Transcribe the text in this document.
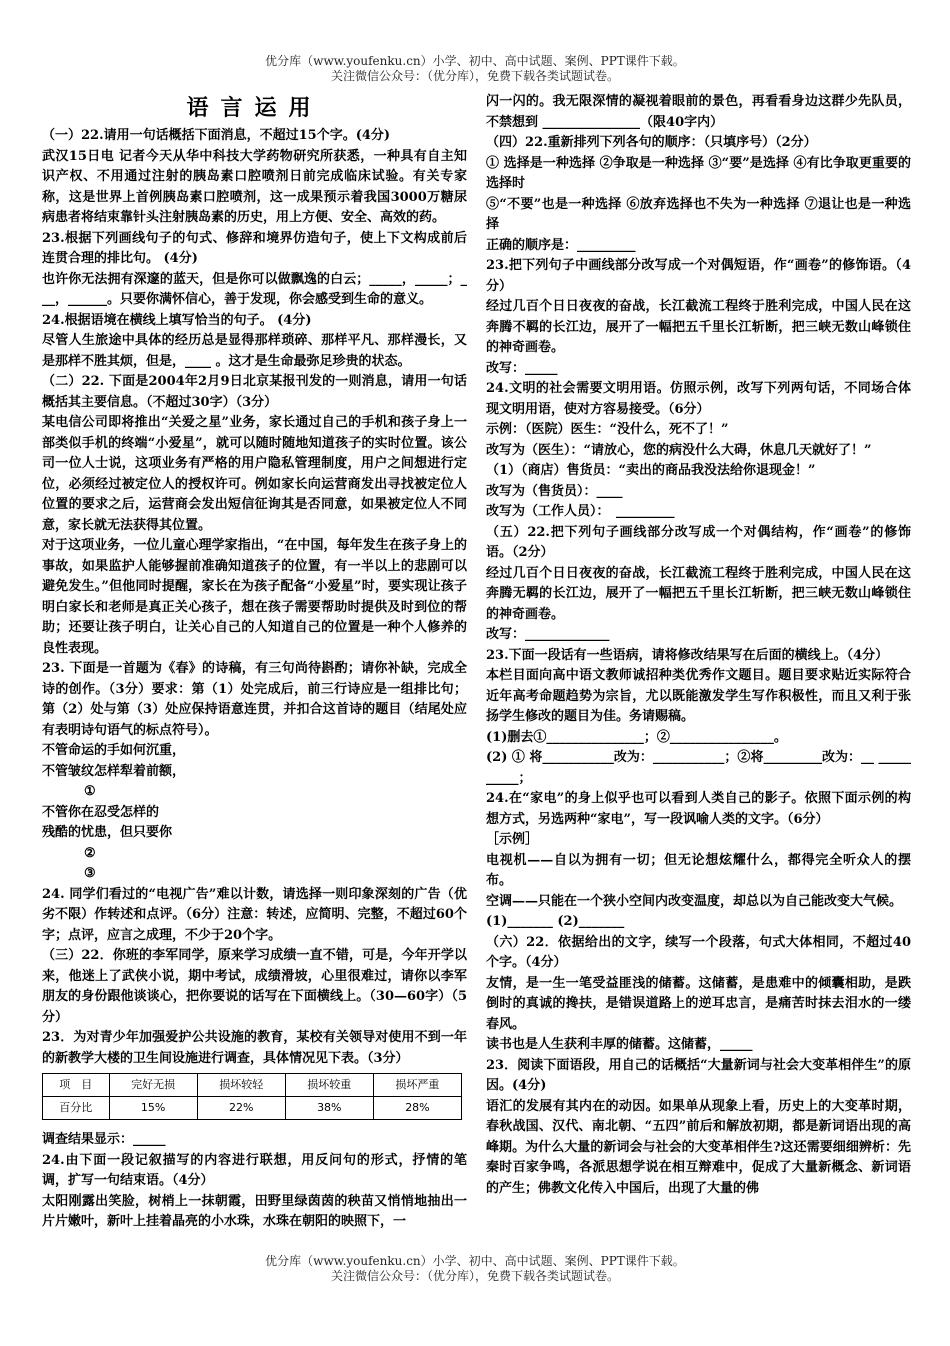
优分库（www.youfenku.cn）小学、初中、高中试题、案例、PPT课件下载。
关注微信公众号：（优分库），免费下载各类试题试卷。

语言运用

（一）22.请用一句话概括下面消息，不超过15个字。(4分)

武汉15日电 记者今天从华中科技大学药物研究所获悉，一种具有自主知识产权、不用通过注射的胰岛素口腔喷剂日前完成临床试验。有关专家称，这是世界上首例胰岛素口腔喷剂，这一成果预示着我国3000万糖尿病患者将结束靠针头注射胰岛素的历史，用上方便、安全、高效的药。

23.根据下列画线句子的句式、修辞和境界仿造句子，使上下文构成前后连贯合理的排比句。 (4分)

也许你无法拥有深邃的蓝天，但是你可以做飘逸的白云；_____，_____；___，______。只要你满怀信心，善于发现，你会感受到生命的意义。

24.根据语境在横线上填写恰当的句子。 (4分)

尽管人生旅途中具体的经历总是显得那样琐碎、那样平凡、那样漫长，又是那样不胜其烦，但是，____ 。这才是生命最弥足珍贵的状态。

（二）22. 下面是2004年2月9日北京某报刊发的一则消息，请用一句话概括其主要信息。（不超过30字）（3分）

某电信公司即将推出“关爱之星”业务，家长通过自己的手机和孩子身上一部类似手机的终端“小爱星”，就可以随时随地知道孩子的实时位置。该公司一位人士说，这项业务有严格的用户隐私管理制度，用户之间想进行定位，必须经过被定位人的授权许可。例如家长向运营商发出寻找被定位人位置的要求之后，运营商会发出短信征询其是否同意，如果被定位人不同意，家长就无法获得其位置。

对于这项业务，一位儿童心理学家指出，“在中国，每年发生在孩子身上的事故，如果监护人能够握前准确知道孩子的位置，有一半以上的悲剧可以避免发生。”但他同时提醒，家长在为孩子配备“小爱星”时，要实现让孩子明白家长和老师是真正关心孩子，想在孩子需要帮助时提供及时到位的帮助；还要让孩子明白，让关心自己的人知道自己的位置是一种个人修养的良性表现。

23. 下面是一首题为《春》的诗稿，有三句尚待斟酌；请你补缺，完成全诗的创作。（3分）要求：第（1）处完成后，前三行诗应是一组排比句；第（2）处与第（3）处应保持语意连贯，并扣合这首诗的题目（结尾处应有表明诗句语气的标点符号）。

不管命运的手如何沉重，

不管皱纹怎样犁着前额，

①

不管你在忍受怎样的

残酷的忧患，但只要你

②

③

24. 同学们看过的“电视广告”难以计数，请选择一则印象深刻的广告（优劣不限）作转述和点评。（6分）注意：转述，应简明、完整，不超过60个字；点评，应言之成理，不少于20个字。

（三）22．你班的李军同学，原来学习成绩一直不错，可是，今年开学以来，他迷上了武侠小说，期中考试，成绩滑坡，心里很难过，请你以李军朋友的身份跟他谈谈心，把你要说的话写在下面横线上。（30—60字）（5分）

23．为对青少年加强爱护公共设施的教育，某校有关领导对使用不到一年的新教学大楼的卫生间设施进行调查，具体情况见下表。（3分）

项　目	完好无损	损坏较轻	损坏较重	损坏严重
百分比	15%	22%	38%	28%

调查结果显示：_____

24.由下面一段记叙描写的内容进行联想，用反问句的形式，抒情的笔调，扩写一句结束语。（4分）

太阳刚露出笑脸，树梢上一抹朝霞，田野里绿茵茵的秧苗又悄悄地抽出一片片嫩叶，新叶上挂着晶亮的小水珠，水珠在朝阳的映照下，一

闪一闪的。我无限深情的凝视着眼前的景色，再看看身边这群少先队员，不禁想到 _______________（限40字内）

（四）22.重新排列下列各句的顺序：（只填序号）（2分）

① 选择是一种选择 ②争取是一种选择 ③“要”是选择 ④有比争取更重要的选择时

⑤“不要”也是一种选择 ⑥放弃选择也不失为一种选择 ⑦退让也是一种选择

正确的顺序是：_________

23.把下列句子中画线部分改写成一个对偶短语，作“画卷”的修饰语。（4分）

经过几百个日日夜夜的奋战，长江截流工程终于胜利完成，中国人民在这奔腾不羁的长江边，展开了一幅把五千里长江斩断，把三峡无数山峰锁住的神奇画卷。

改写：_____

24.文明的社会需要文明用语。仿照示例，改写下列两句话，不同场合体现文明用语，使对方容易接受。（6分）

示例：（医院）医生：“没什么，死不了！”

改写为（医生）：“请放心，您的病没什么大碍，休息几天就好了！”

（1）（商店）售货员：“卖出的商品我没法给你退现金！”

改写为（售货员）：____

改写为（工作人员）：　_________

（五）22.把下列句子画线部分改写成一个对偶结构，作“画卷”的修饰语。（2分）

经过几百个日日夜夜的奋战，长江截流工程终于胜利完成，中国人民在这奔腾无羁的长江边，展开了一幅把五千里长江斩断，把三峡无数山峰锁住的神奇画卷。

改写：_____________

23.下面一段话有一些语病，请将修改结果写在后面的横线上。（4分）

本栏目面向高中语文教师诚招种类优秀作文题目。题目要求贴近实际符合近年高考命题趋势为宗旨，尤以既能激发学生写作积极性，而且又利于张扬学生修改的题目为佳。务请赐稿。

(1)删去①_______________；②________________。

(2) ① 将___________改为：___________；②将_________改为：__ __________；

24.在“家电”的身上似乎也可以看到人类自己的影子。依照下面示例的构想方式，另选两种“家电”，写一段讽喻人类的文字。（6分）

［示例］

电视机——自以为拥有一切；但无论想炫耀什么，都得完全听众人的摆布。

空调——只能在一个狭小空间内改变温度，却总以为自己能改变大气候。

(1)_______ (2)_______

（六）22．依据给出的文字，续写一个段落，句式大体相同，不超过40个字。（4分）

友情，是一生一笔受益匪浅的储蓄。这储蓄，是患难中的倾囊相助，是跌倒时的真诚的搀扶，是错误道路上的逆耳忠言，是痛苦时抹去泪水的一缕春风。

读书也是人生获利丰厚的储蓄。这储蓄，_____

23．阅读下面语段，用自己的话概括“大量新词与社会大变革相伴生”的原因。(4分)

语汇的发展有其内在的动因。如果单从现象上看，历史上的大变革时期，春秋战国、汉代、南北朝、“五四”前后和解放初期，都是新词语出现的高峰期。为什么大量的新词会与社会的大变革相伴生?这还需要细细辨析：先秦时百家争鸣，各派思想学说在相互辩难中，促成了大量新概念、新词语的产生；佛教文化传入中国后，出现了大量的佛

优分库（www.youfenku.cn）小学、初中、高中试题、案例、PPT课件下载。
关注微信公众号：（优分库），免费下载各类试题试卷。
